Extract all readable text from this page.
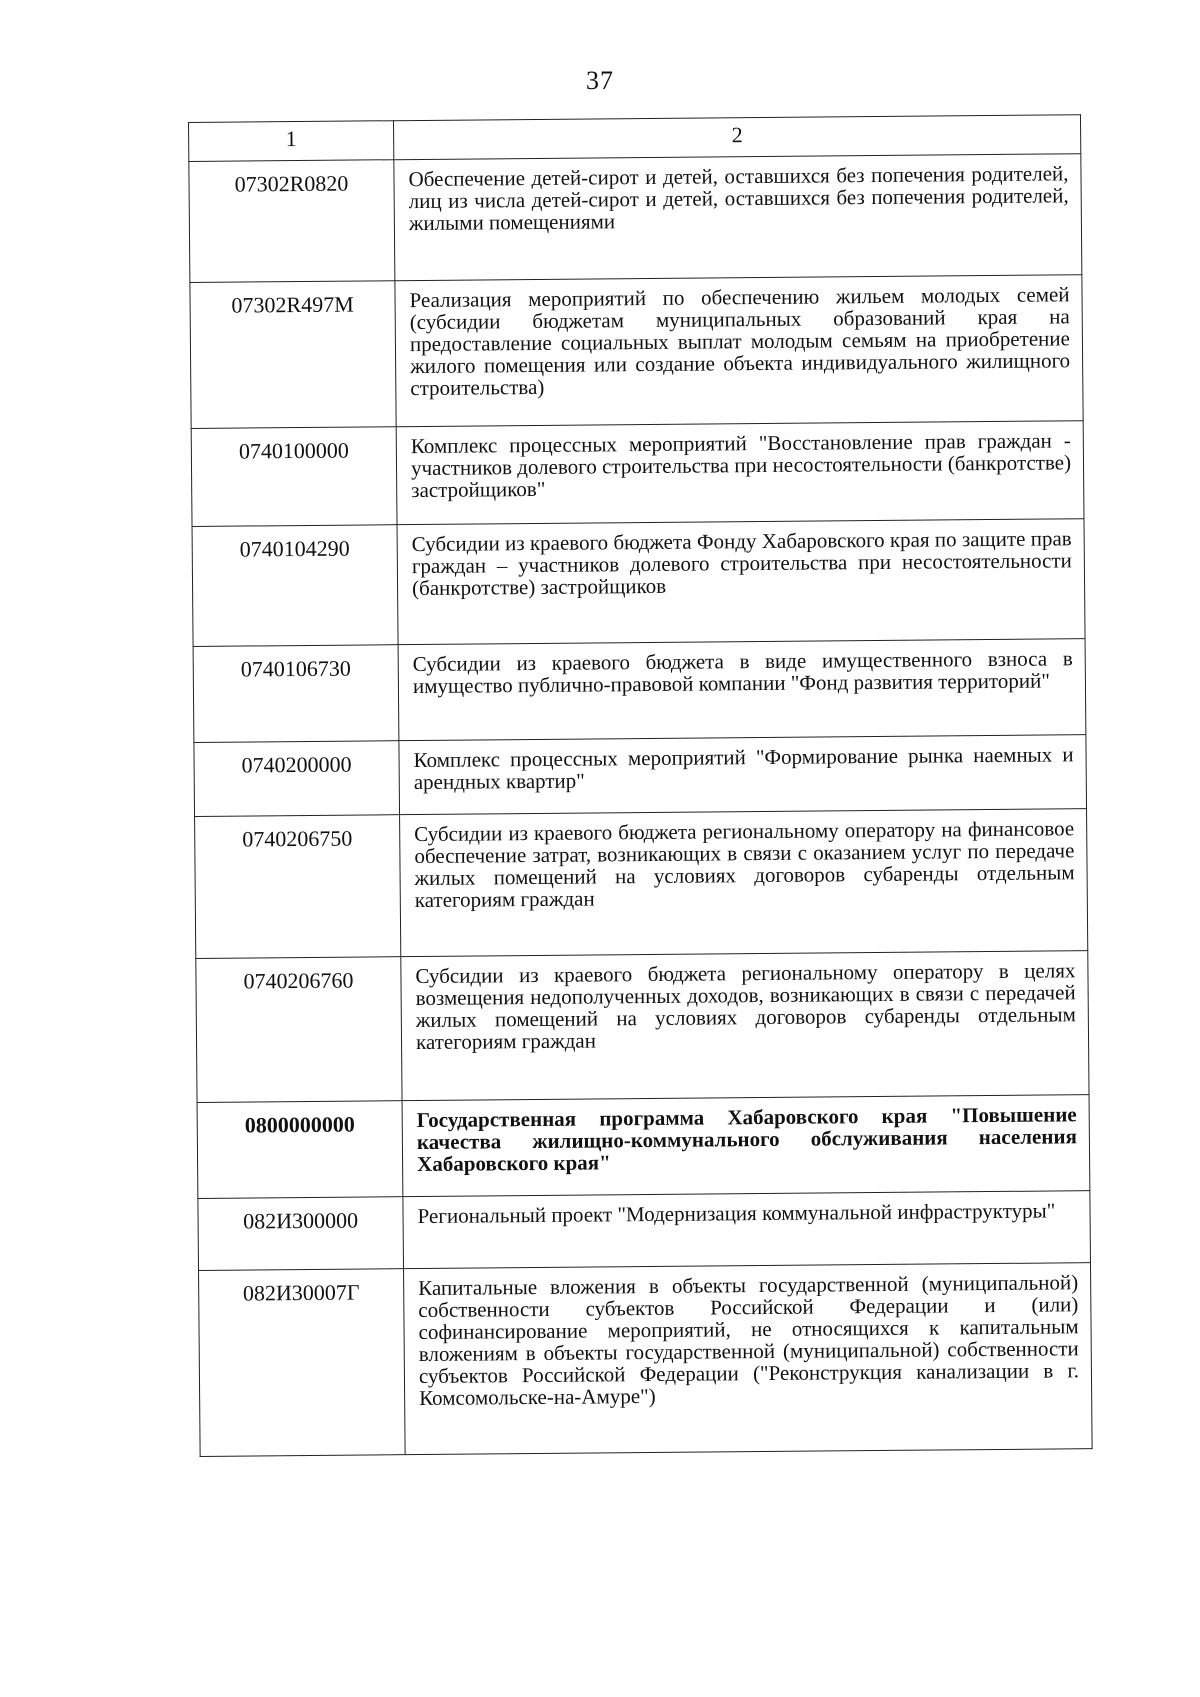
37
1	2
07302R0820	Обеспечение детей-сирот и детей, оставшихся без попечения родителей, лиц из числа детей-сирот и детей, оставшихся без попечения родителей, жилыми помещениями
07302R497M	Реализация мероприятий по обеспечению жильем молодых семей (субсидии бюджетам муниципальных образований края на предоставление социальных выплат молодым семьям на приобретение жилого помещения или создание объекта индивидуального жилищного строительства)
0740100000	Комплекс процессных мероприятий "Восстановление прав граждан - участников долевого строительства при несостоятельности (банкротстве) застройщиков"
0740104290	Субсидии из краевого бюджета Фонду Хабаровского края по защите прав граждан – участников долевого строительства при несостоятельности (банкротстве) застройщиков
0740106730	Субсидии из краевого бюджета в виде имущественного взноса в имущество публично-правовой компании "Фонд развития территорий"
0740200000	Комплекс процессных мероприятий "Формирование рынка наемных и арендных квартир"
0740206750	Субсидии из краевого бюджета региональному оператору на финансовое обеспечение затрат, возникающих в связи с оказанием услуг по передаче жилых помещений на условиях договоров субаренды отдельным категориям граждан
0740206760	Субсидии из краевого бюджета региональному оператору в целях возмещения недополученных доходов, возникающих в связи с передачей жилых помещений на условиях договоров субаренды отдельным категориям граждан
0800000000	Государственная программа Хабаровского края "Повышение качества жилищно-коммунального обслуживания населения Хабаровского края"
082И300000	Региональный проект "Модернизация коммунальной инфраструктуры"
082И30007Г	Капитальные вложения в объекты государственной (муниципальной) собственности субъектов Российской Федерации и (или) софинансирование мероприятий, не относящихся к капитальным вложениям в объекты государственной (муниципальной) собственности субъектов Российской Федерации ("Реконструкция канализации в г. Комсомольске-на-Амуре")
